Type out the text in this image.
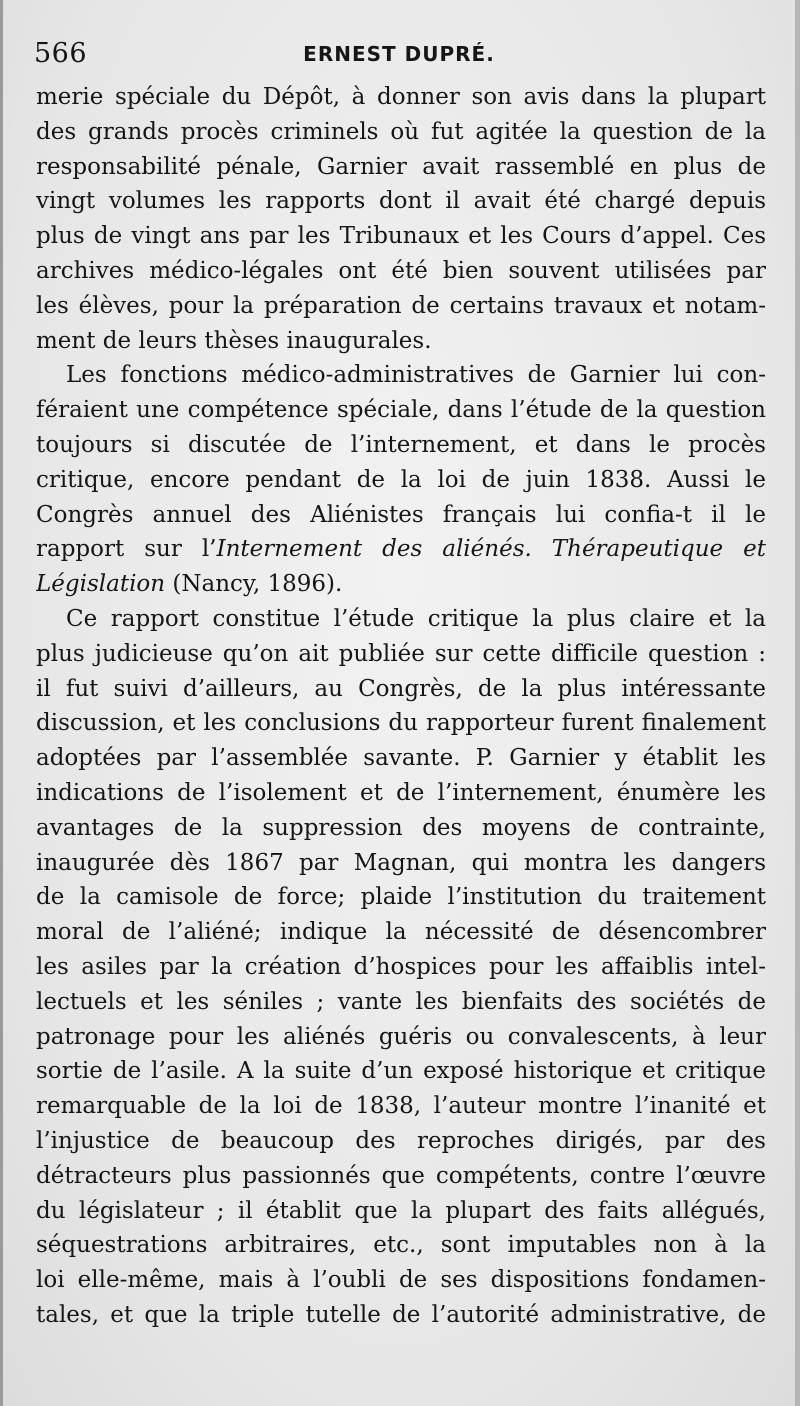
566	ERNEST DUPRÉ.
merie spéciale du Dépôt, à donner son avis dans la plupart
des grands procès criminels où fut agitée la question de la
responsabilité pénale, Garnier avait rassemblé en plus de
vingt volumes les rapports dont il avait été chargé depuis
plus de vingt ans par les Tribunaux et les Cours d’appel. Ces
archives médico-légales ont été bien souvent utilisées par
les élèves, pour la préparation de certains travaux et notam-
ment de leurs thèses inaugurales.
Les fonctions médico-administratives de Garnier lui con-
féraient une compétence spéciale, dans l’étude de la question
toujours si discutée de l’internement, et dans le procès
critique, encore pendant de la loi de juin 1838. Aussi le
Congrès annuel des Aliénistes français lui confia-t il le
rapport sur l’Internement des aliénés. Thérapeutique et
Législation (Nancy, 1896).
Ce rapport constitue l’étude critique la plus claire et la
plus judicieuse qu’on ait publiée sur cette difficile question :
il fut suivi d’ailleurs, au Congrès, de la plus intéressante
discussion, et les conclusions du rapporteur furent finalement
adoptées par l’assemblée savante. P. Garnier y établit les
indications de l’isolement et de l’internement, énumère les
avantages de la suppression des moyens de contrainte,
inaugurée dès 1867 par Magnan, qui montra les dangers
de la camisole de force; plaide l’institution du traitement
moral de l’aliéné; indique la nécessité de désencombrer
les asiles par la création d’hospices pour les affaiblis intel-
lectuels et les séniles ; vante les bienfaits des sociétés de
patronage pour les aliénés guéris ou convalescents, à leur
sortie de l’asile. A la suite d’un exposé historique et critique
remarquable de la loi de 1838, l’auteur montre l’inanité et
l’injustice de beaucoup des reproches dirigés, par des
détracteurs plus passionnés que compétents, contre l’œuvre
du législateur ; il établit que la plupart des faits allégués,
séquestrations arbitraires, etc., sont imputables non à la
loi elle-même, mais à l’oubli de ses dispositions fondamen-
tales, et que la triple tutelle de l’autorité administrative, de
